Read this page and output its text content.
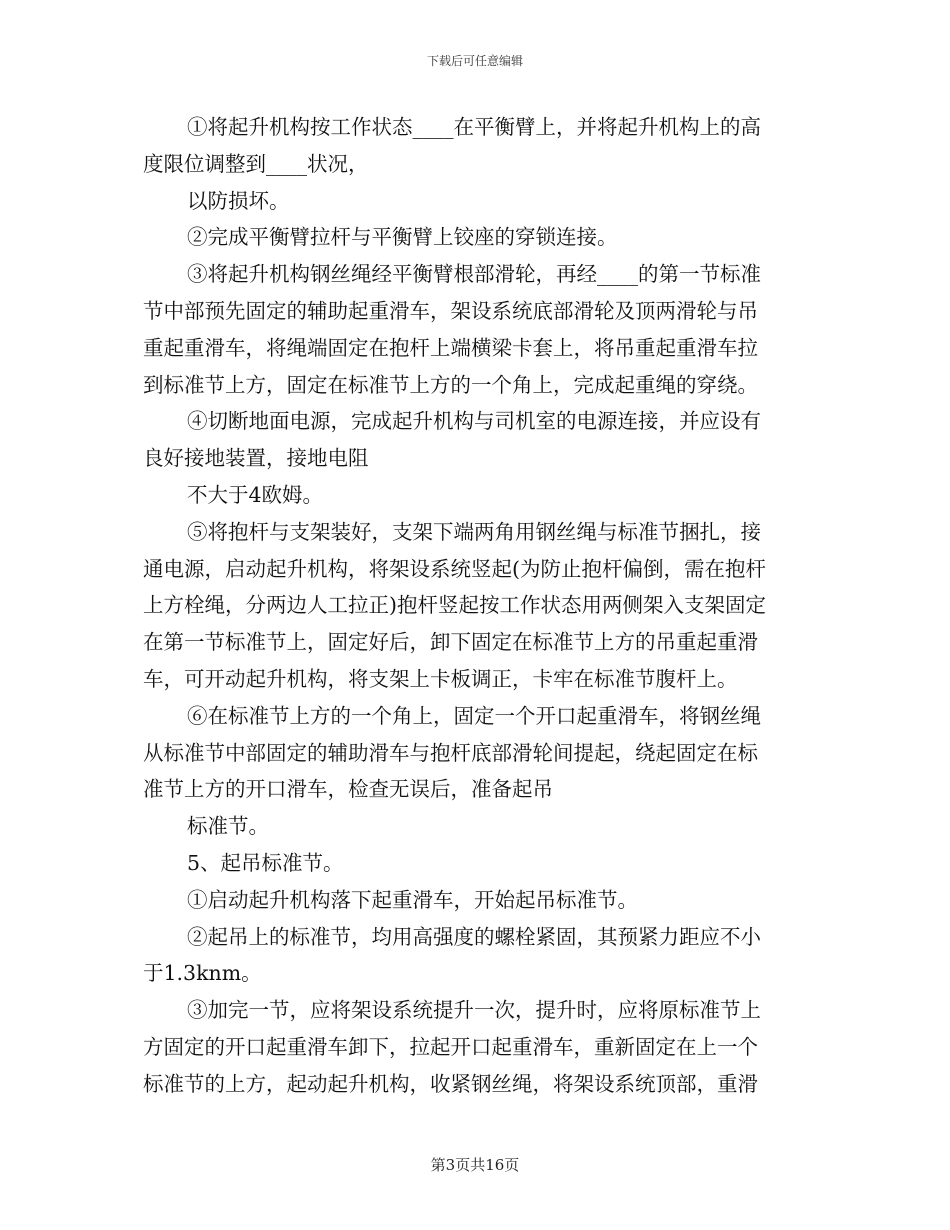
下载后可任意编辑
①将起升机构按工作状态____在平衡臂上，并将起升机构上的高
度限位调整到____状况，
以防损坏。
②完成平衡臂拉杆与平衡臂上铰座的穿锁连接。
③将起升机构钢丝绳经平衡臂根部滑轮，再经____的第一节标准
节中部预先固定的辅助起重滑车，架设系统底部滑轮及顶两滑轮与吊
重起重滑车，将绳端固定在抱杆上端横梁卡套上，将吊重起重滑车拉
到标准节上方，固定在标准节上方的一个角上，完成起重绳的穿绕。
④切断地面电源，完成起升机构与司机室的电源连接，并应设有
良好接地装置，接地电阻
不大于4欧姆。
⑤将抱杆与支架装好，支架下端两角用钢丝绳与标准节捆扎，接
通电源，启动起升机构，将架设系统竖起(为防止抱杆偏倒，需在抱杆
上方栓绳，分两边人工拉正)抱杆竖起按工作状态用两侧架入支架固定
在第一节标准节上，固定好后，卸下固定在标准节上方的吊重起重滑
车，可开动起升机构，将支架上卡板调正，卡牢在标准节腹杆上。
⑥在标准节上方的一个角上，固定一个开口起重滑车，将钢丝绳
从标准节中部固定的辅助滑车与抱杆底部滑轮间提起，绕起固定在标
准节上方的开口滑车，检查无误后，准备起吊
标准节。
5、起吊标准节。
①启动起升机构落下起重滑车，开始起吊标准节。
②起吊上的标准节，均用高强度的螺栓紧固，其预紧力距应不小
于1.3knm。
③加完一节，应将架设系统提升一次，提升时，应将原标准节上
方固定的开口起重滑车卸下，拉起开口起重滑车，重新固定在上一个
标准节的上方，起动起升机构，收紧钢丝绳，将架设系统顶部，重滑
第3页共16页
